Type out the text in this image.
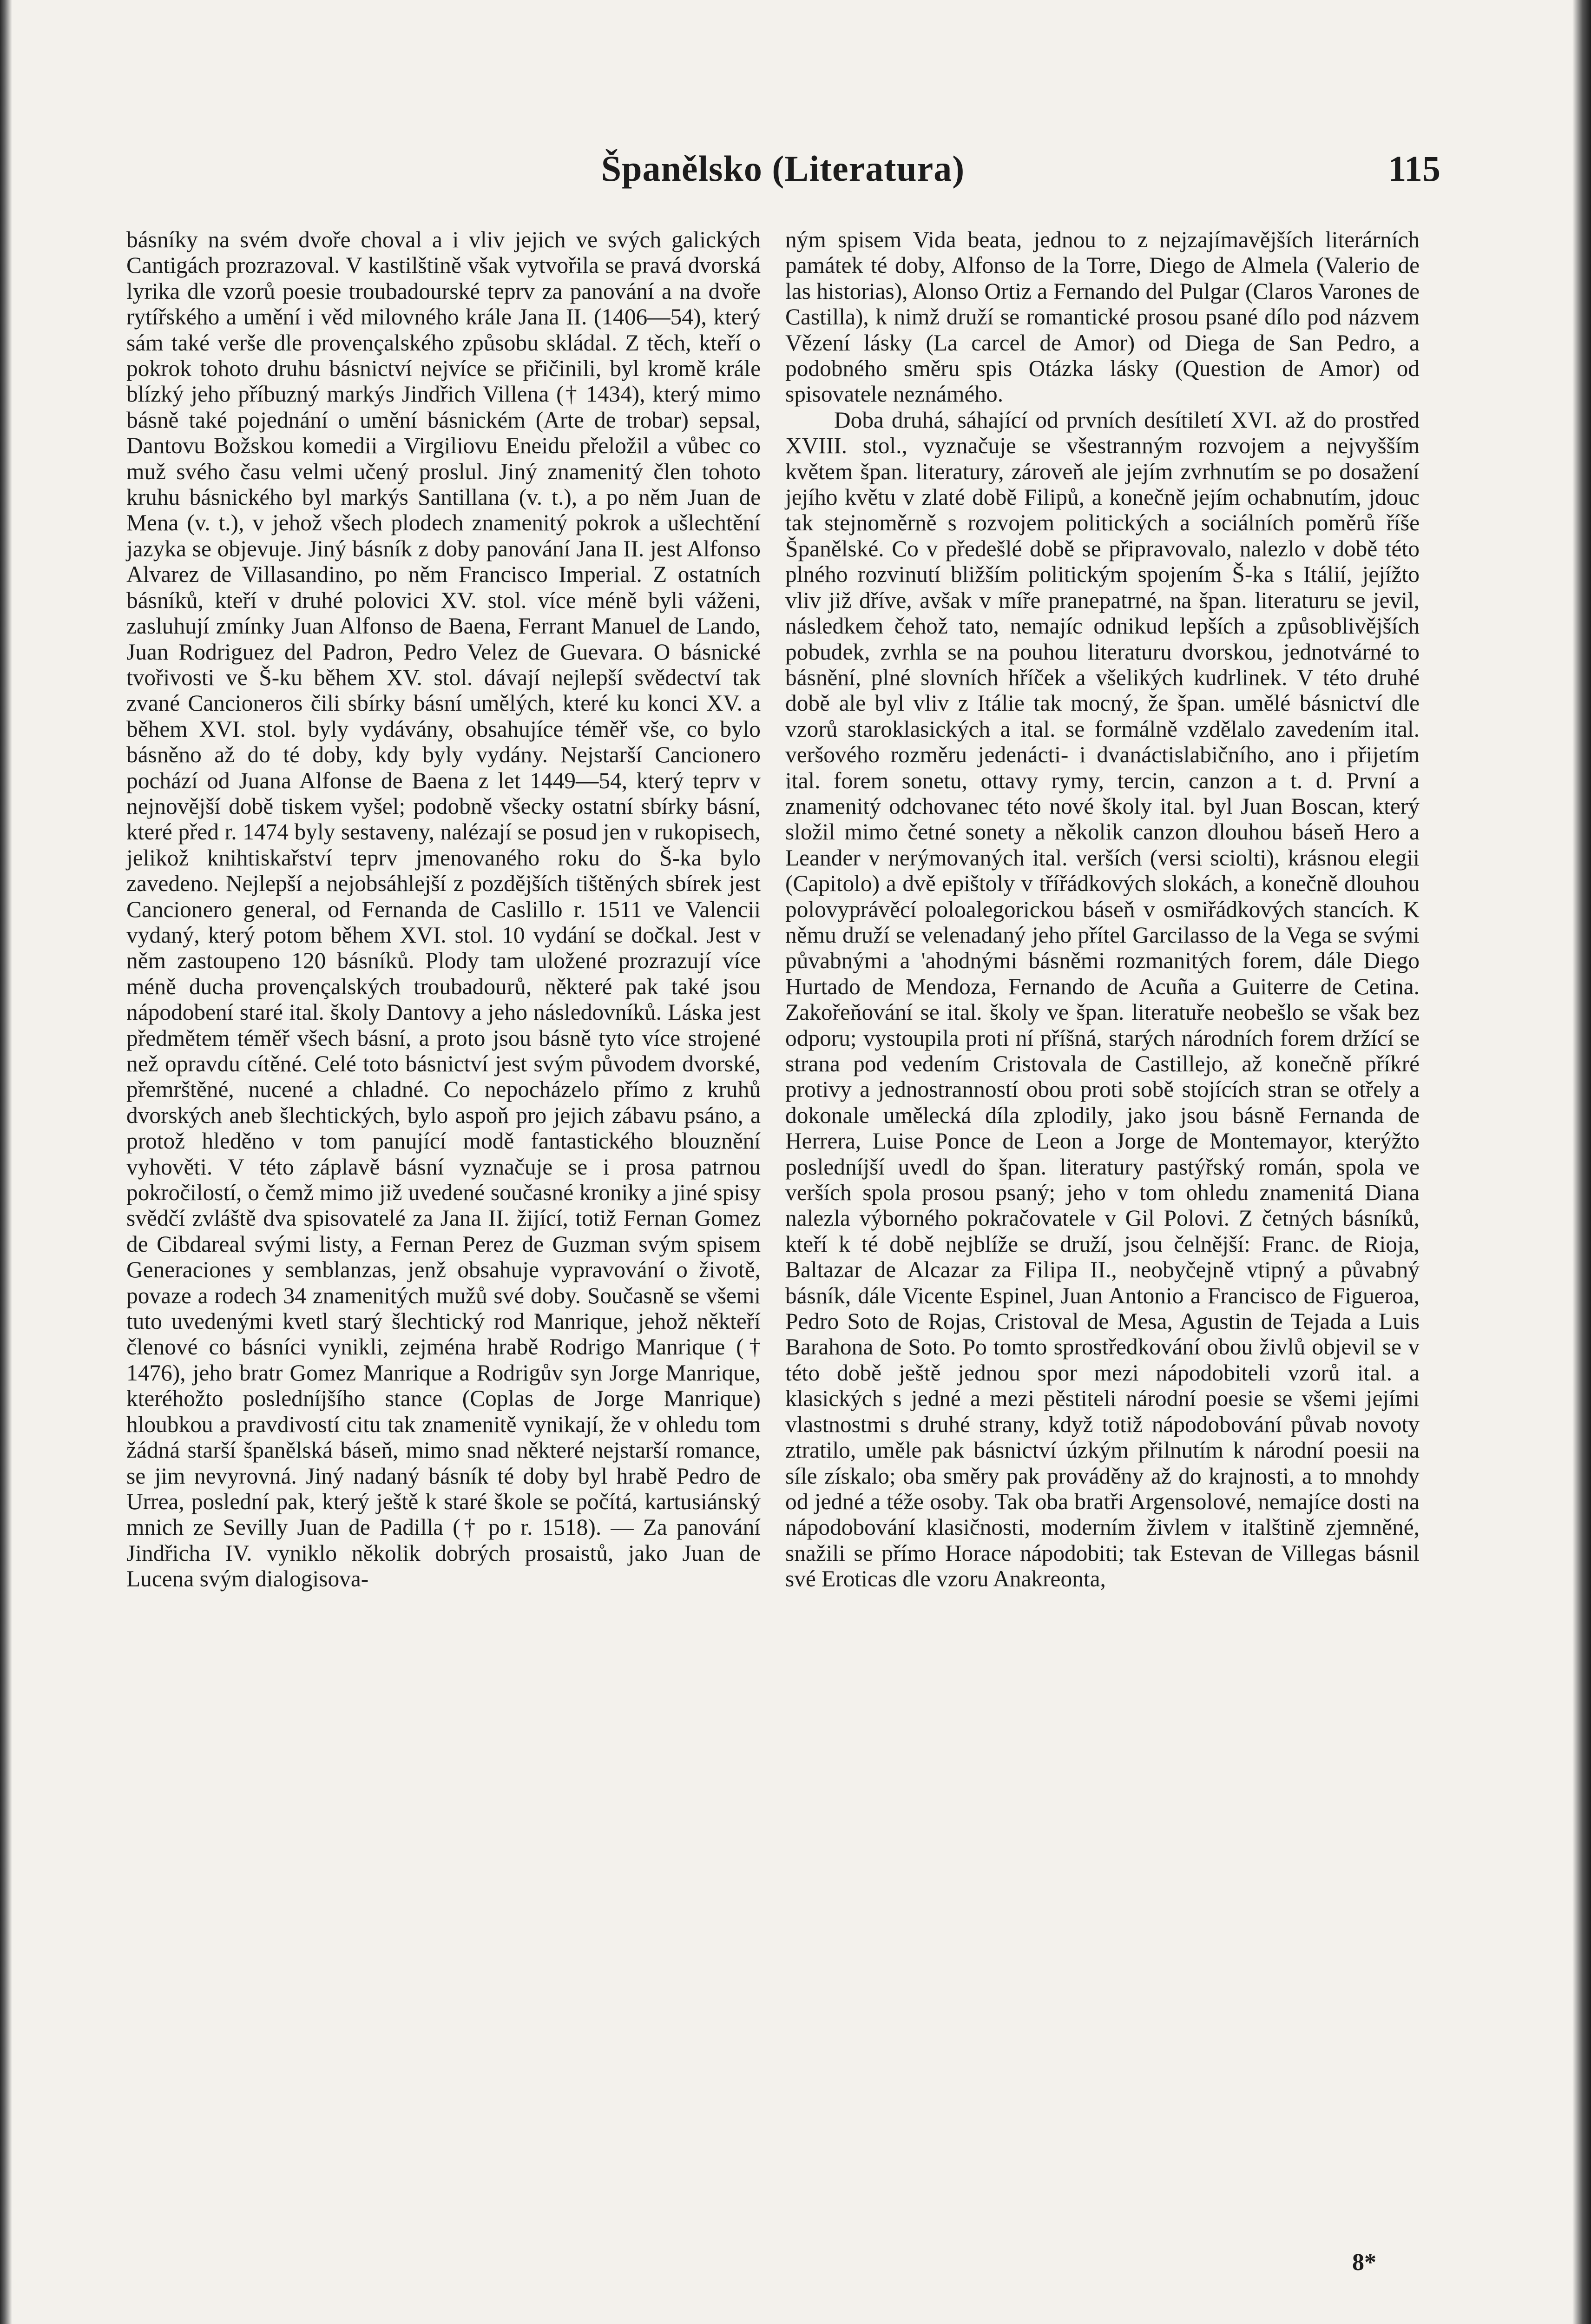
Španělsko (Literatura)	115

básníky na svém dvoře choval a i vliv jejich ve svých galických Cantigách prozrazoval. V kastilštině však vytvořila se pravá dvorská lyrika dle vzorů poesie troubadourské teprv za panování a na dvoře rytířského a umění i věd milovného krále Jana II. (1406—54), který sám také verše dle provençalského způsobu skládal. Z těch, kteří o pokrok tohoto druhu básnictví nejvíce se přičinili, byl kromě krále blízký jeho příbuzný markýs Jindřich Villena († 1434), který mimo básně také pojednání o umění básnickém (Arte de trobar) sepsal, Dantovu Božskou komedii a Virgiliovu Eneidu přeložil a vůbec co muž svého času velmi učený proslul. Jiný znamenitý člen tohoto kruhu básnického byl markýs Santillana (v. t.), a po něm Juan de Mena (v. t.), v jehož všech plodech znamenitý pokrok a ušlechtění jazyka se objevuje. Jiný básník z doby panování Jana II. jest Alfonso Alvarez de Villasandino, po něm Francisco Imperial. Z ostatních básníků, kteří v druhé polovici XV. stol. více méně byli váženi, zasluhují zmínky Juan Alfonso de Baena, Ferrant Manuel de Lando, Juan Rodriguez del Padron, Pedro Velez de Guevara. O básnické tvořivosti ve Š-ku během XV. stol. dávají nejlepší svědectví tak zvané Cancioneros čili sbírky básní umělých, které ku konci XV. a během XVI. stol. byly vydávány, obsahujíce téměř vše, co bylo básněno až do té doby, kdy byly vydány. Nejstarší Cancionero pochází od Juana Alfonse de Baena z let 1449—54, který teprv v nejnovější době tiskem vyšel; podobně všecky ostatní sbírky básní, které před r. 1474 byly sestaveny, nalézají se posud jen v rukopisech, jelikož knihtiskařství teprv jmenovaného roku do Š-ka bylo zavedeno. Nejlepší a nejobsáhlejší z pozdějších tištěných sbírek jest Cancionero general, od Fernanda de Caslillo r. 1511 ve Valencii vydaný, který potom během XVI. stol. 10 vydání se dočkal. Jest v něm zastoupeno 120 básníků. Plody tam uložené prozrazují více méně ducha provençalských troubadourů, některé pak také jsou nápodobení staré ital. školy Dantovy a jeho následovníků. Láska jest předmětem téměř všech básní, a proto jsou básně tyto více strojené než opravdu cítěné. Celé toto básnictví jest svým původem dvorské, přemrštěné, nucené a chladné. Co nepocházelo přímo z kruhů dvorských aneb šlechtických, bylo aspoň pro jejich zábavu psáno, a protož hleděno v tom panující modě fantastického blouznění vyhověti. V této záplavě básní vyznačuje se i prosa patrnou pokročilostí, o čemž mimo již uvedené současné kroniky a jiné spisy svědčí zvláště dva spisovatelé za Jana II. žijící, totiž Fernan Gomez de Cibdareal svými listy, a Fernan Perez de Guzman svým spisem Generaciones y semblanzas, jenž obsahuje vypravování o životě, povaze a rodech 34 znamenitých mužů své doby. Současně se všemi tuto uvedenými kvetl starý šlechtický rod Manrique, jehož někteří členové co básníci vynikli, zejména hrabě Rodrigo Manrique († 1476), jeho bratr Gomez Manrique a Rodrigův syn Jorge Manrique, kteréhožto posledníjšího stance (Coplas de Jorge Manrique) hloubkou a pravdivostí citu tak znamenitě vynikají, že v ohledu tom žádná starší španělská báseň, mimo snad některé nejstarší romance, se jim nevyrovná. Jiný nadaný básník té doby byl hrabě Pedro de Urrea, poslední pak, který ještě k staré škole se počítá, kartusiánský mnich ze Sevilly Juan de Padilla († po r. 1518). — Za panování Jindřicha IV. vyniklo několik dobrých prosaistů, jako Juan de Lucena svým dialogisova-

ným spisem Vida beata, jednou to z nejzajímavějších literárních památek té doby, Alfonso de la Torre, Diego de Almela (Valerio de las historias), Alonso Ortiz a Fernando del Pulgar (Claros Varones de Castilla), k nimž druží se romantické prosou psané dílo pod názvem Vězení lásky (La carcel de Amor) od Diega de San Pedro, a podobného směru spis Otázka lásky (Question de Amor) od spisovatele neznámého.

Doba druhá, sáhající od prvních desítiletí XVI. až do prostřed XVIII. stol., vyznačuje se všestranným rozvojem a nejvyšším květem špan. literatury, zároveň ale jejím zvrhnutím se po dosažení jejího květu v zlaté době Filipů, a konečně jejím ochabnutím, jdouc tak stejnoměrně s rozvojem politických a sociálních poměrů říše Španělské. Co v předešlé době se připravovalo, nalezlo v době této plného rozvinutí bližším politickým spojením Š-ka s Itálií, jejížto vliv již dříve, avšak v míře pranepatrné, na špan. literaturu se jevil, následkem čehož tato, nemajíc odnikud lepších a způsoblivějších pobudek, zvrhla se na pouhou literaturu dvorskou, jednotvárné to básnění, plné slovních hříček a všelikých kudrlinek. V této druhé době ale byl vliv z Itálie tak mocný, že špan. umělé básnictví dle vzorů staroklasických a ital. se formálně vzdělalo zavedením ital. veršového rozměru jedenácti- i dvanáctislabičního, ano i přijetím ital. forem sonetu, ottavy rymy, tercin, canzon a t. d. První a znamenitý odchovanec této nové školy ital. byl Juan Boscan, který složil mimo četné sonety a několik canzon dlouhou báseň Hero a Leander v nerýmovaných ital. verších (versi sciolti), krásnou elegii (Capitolo) a dvě epištoly v třířádkových slokách, a konečně dlouhou polovyprávěcí poloalegorickou báseň v osmiřádkových stancích. K němu druží se velenadaný jeho přítel Garcilasso de la Vega se svými půvabnými a 'ahodnými básněmi rozmanitých forem, dále Diego Hurtado de Mendoza, Fernando de Acuña a Guiterre de Cetina. Zakořeňování se ital. školy ve špan. literatuře neobešlo se však bez odporu; vystoupila proti ní příšná, starých národních forem držící se strana pod vedením Cristovala de Castillejo, až konečně příkré protivy a jednostranností obou proti sobě stojících stran se otřely a dokonale umělecká díla zplodily, jako jsou básně Fernanda de Herrera, Luise Ponce de Leon a Jorge de Montemayor, kterýžto posledníjší uvedl do špan. literatury pastýřský román, spola ve verších spola prosou psaný; jeho v tom ohledu znamenitá Diana nalezla výborného pokračovatele v Gil Polovi. Z četných básníků, kteří k té době nejblíže se druží, jsou čelnější: Franc. de Rioja, Baltazar de Alcazar za Filipa II., neobyčejně vtipný a půvabný básník, dále Vicente Espinel, Juan Antonio a Francisco de Figueroa, Pedro Soto de Rojas, Cristoval de Mesa, Agustin de Tejada a Luis Barahona de Soto. Po tomto sprostředkování obou živlů objevil se v této době ještě jednou spor mezi nápodobiteli vzorů ital. a klasických s jedné a mezi pěstiteli národní poesie se všemi jejími vlastnostmi s druhé strany, když totiž nápodobování půvab novoty ztratilo, uměle pak básnictví úzkým přilnutím k národní poesii na síle získalo; oba směry pak prováděny až do krajnosti, a to mnohdy od jedné a téže osoby. Tak oba bratři Argensolové, nemajíce dosti na nápodobování klasičnosti, moderním živlem v italštině zjemněné, snažili se přímo Horace nápodobiti; tak Estevan de Villegas básnil své Eroticas dle vzoru Anakreonta,

8*
